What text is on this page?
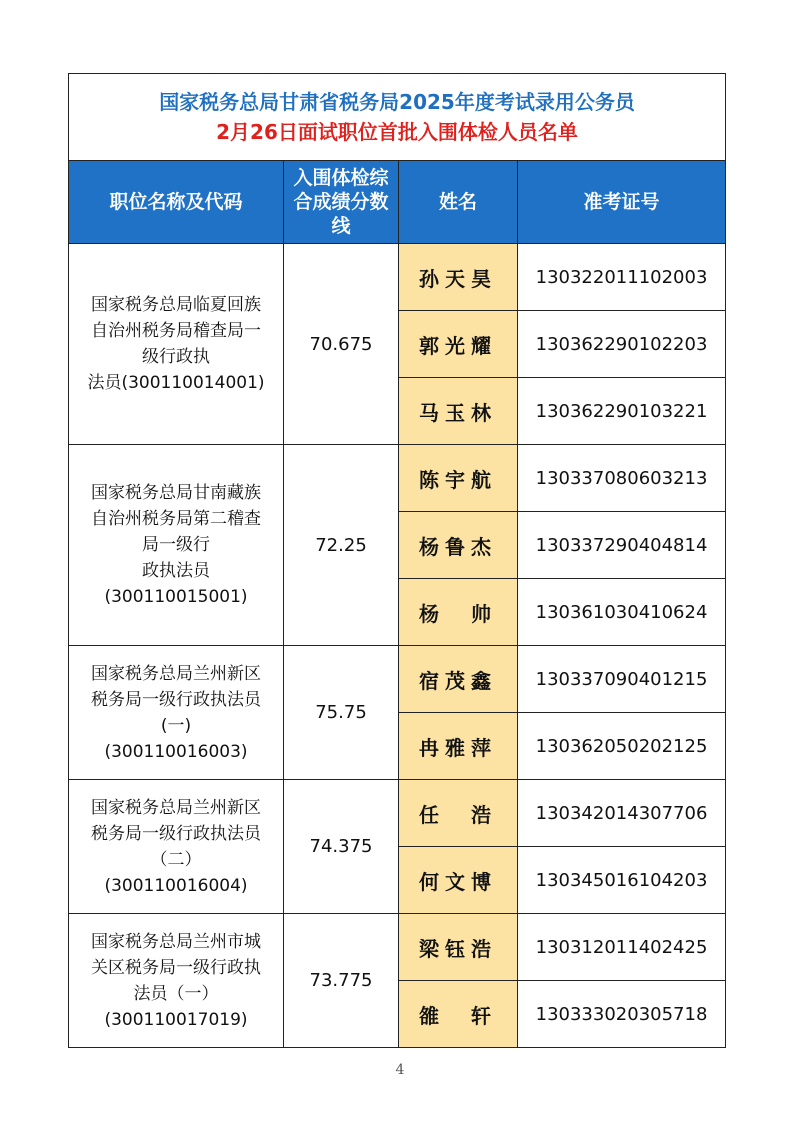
国家税务总局甘肃省税务局2025年度考试录用公务员
2月26日面试职位首批入围体检人员名单			

职位名称及代码	入围体检综合成绩分数线	姓名	准考证号

国家税务总局临夏回族
自治州税务局稽查局一
级行政执
法员(300110014001)	70.675	孙天昊	130322011102003
		郭光耀	130362290102203
		马玉林	130362290103221

国家税务总局甘南藏族
自治州税务局第二稽查
局一级行
政执法员
(300110015001)	72.25	陈宇航	130337080603213
		杨鲁杰	130337290404814
		杨　帅	130361030410624

国家税务总局兰州新区
税务局一级行政执法员
(一)
(300110016003)	75.75	宿茂鑫	130337090401215
		冉雅萍	130362050202125

国家税务总局兰州新区
税务局一级行政执法员
（二）
(300110016004)	74.375	任　浩	130342014307706
		何文博	130345016104203

国家税务总局兰州市城
关区税务局一级行政执
法员（一）
(300110017019)	73.775	梁钰浩	130312011402425
		雒　轩	130333020305718
4
